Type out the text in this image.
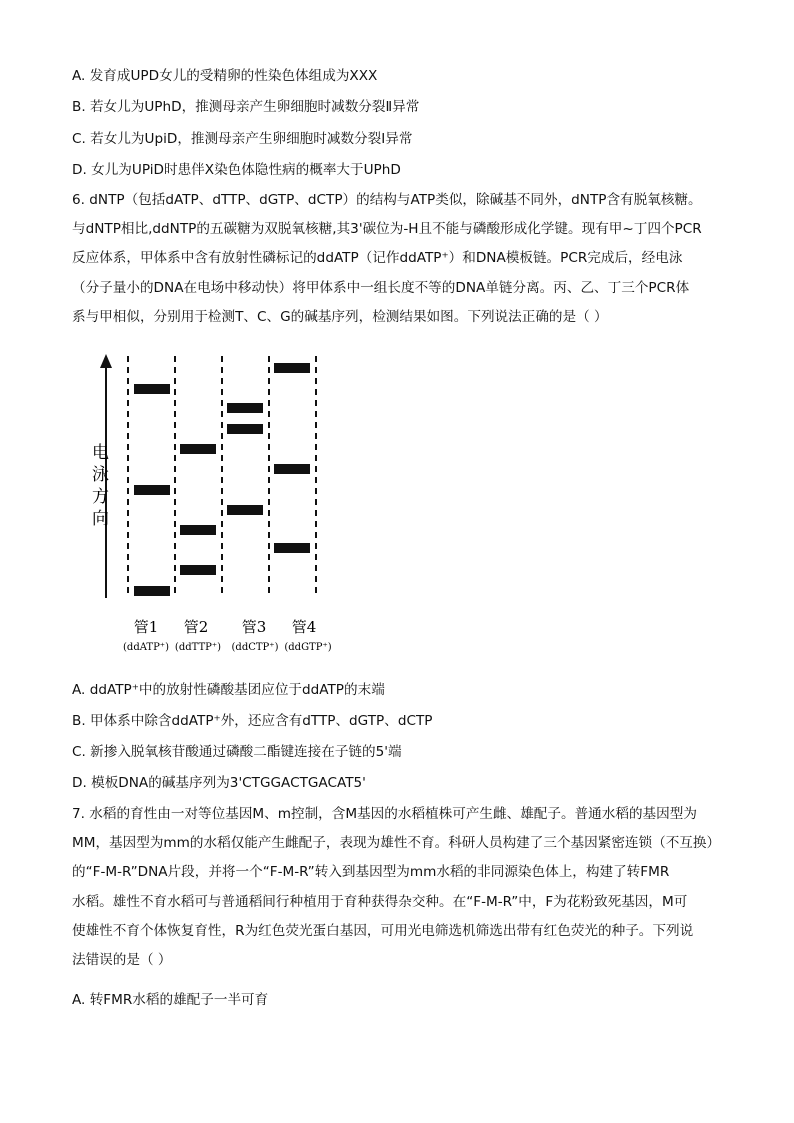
A. 发育成UPD女儿的受精卵的性染色体组成为XXX
B. 若女儿为UPhD，推测母亲产生卵细胞时减数分裂Ⅱ异常
C. 若女儿为UpiD，推测母亲产生卵细胞时减数分裂Ⅰ异常
D. 女儿为UPiD时患伴X染色体隐性病的概率大于UPhD
6. dNTP（包括dATP、dTTP、dGTP、dCTP）的结构与ATP类似，除碱基不同外，dNTP含有脱氧核糖。
与dNTP相比,ddNTP的五碳糖为双脱氧核糖,其3'碳位为-H且不能与磷酸形成化学键。现有甲~丁四个PCR
反应体系，甲体系中含有放射性磷标记的ddATP（记作ddATP⁺）和DNA模板链。PCR完成后，经电泳
（分子量小的DNA在电场中移动快）将甲体系中一组长度不等的DNA单链分离。丙、乙、丁三个PCR体
系与甲相似，分别用于检测T、C、G的碱基序列，检测结果如图。下列说法正确的是（ ）
电
泳
方
向
管1 管2 管3 管4
(ddATP⁺) (ddTTP⁺) (ddCTP⁺) (ddGTP⁺)
A. ddATP⁺中的放射性磷酸基团应位于ddATP的末端
B. 甲体系中除含ddATP⁺外，还应含有dTTP、dGTP、dCTP
C. 新掺入脱氧核苷酸通过磷酸二酯键连接在子链的5'端
D. 模板DNA的碱基序列为3'CTGGACTGACAT5'
7. 水稻的育性由一对等位基因M、m控制，含M基因的水稻植株可产生雌、雄配子。普通水稻的基因型为
MM，基因型为mm的水稻仅能产生雌配子，表现为雄性不育。科研人员构建了三个基因紧密连锁（不互换）
的“F-M-R”DNA片段，并将一个“F-M-R”转入到基因型为mm水稻的非同源染色体上，构建了转FMR
水稻。雄性不育水稻可与普通稻间行种植用于育种获得杂交种。在“F-M-R”中，F为花粉致死基因，M可
使雄性不育个体恢复育性，R为红色荧光蛋白基因，可用光电筛选机筛选出带有红色荧光的种子。下列说
法错误的是（ ）
A. 转FMR水稻的雄配子一半可育
